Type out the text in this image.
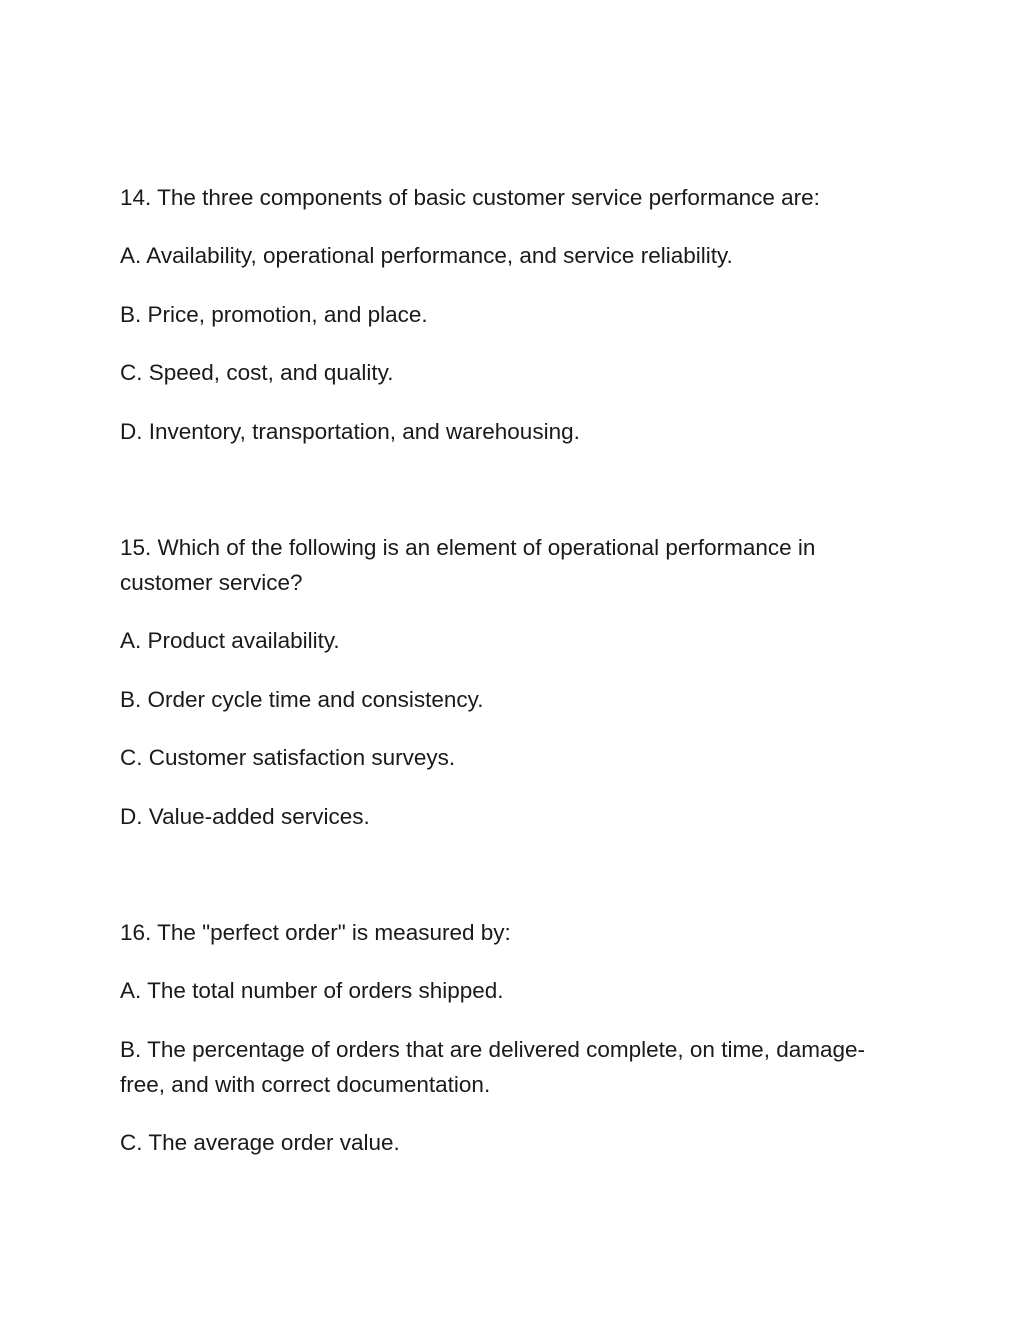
14. The three components of basic customer service performance are:

A. Availability, operational performance, and service reliability.

B. Price, promotion, and place.

C. Speed, cost, and quality.

D. Inventory, transportation, and warehousing.

15. Which of the following is an element of operational performance in customer service?

A. Product availability.

B. Order cycle time and consistency.

C. Customer satisfaction surveys.

D. Value-added services.

16. The "perfect order" is measured by:

A. The total number of orders shipped.

B. The percentage of orders that are delivered complete, on time, damage-free, and with correct documentation.

C. The average order value.
